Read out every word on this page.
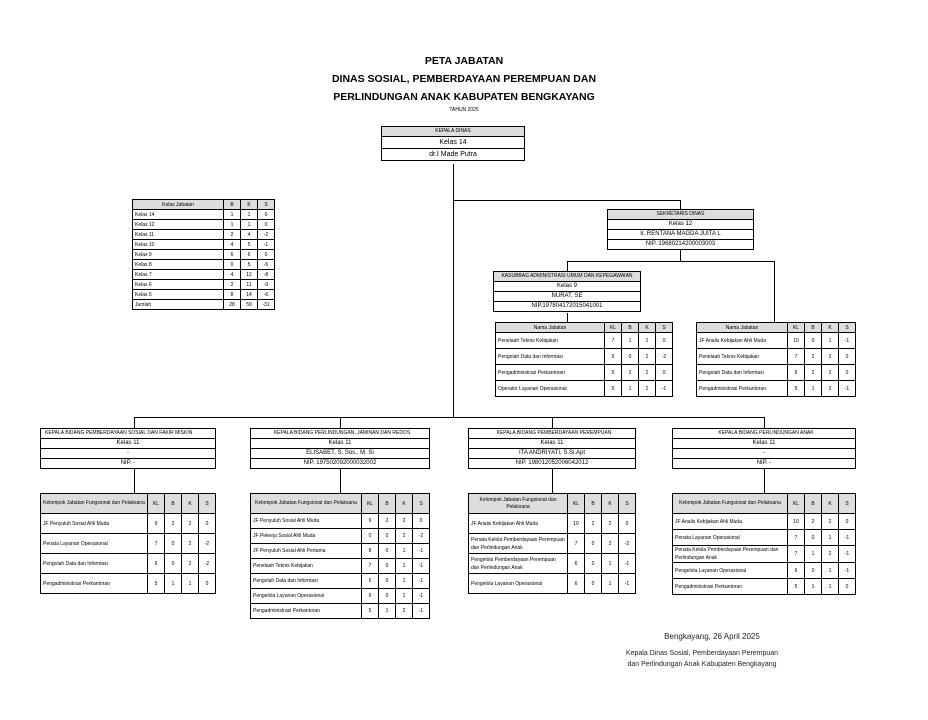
PETA JABATAN
DINAS SOSIAL, PEMBERDAYAAN PEREMPUAN DAN
PERLINDUNGAN ANAK KABUPATEN BENGKAYANG
TAHUN 2025
KEPALA DINAS
Kelas 14
dr.I Made Putra
SEKRETARIS DINAS
Kelas 12
Ir. RENTANA MAGDA JUITA L
NIP. 19680214200003003
KASUBBAG ADMINISTRASI UMUM DAN KEPEGAWAIAN
Kelas 9
NURAT, SE
NIP.197804172015041001
Kelas Jabatan	B	K	S
Kelas 14	1	1	0
Kelas 12	1	1	0
Kelas 11	2	4	-2
Kelas 10	4	5	-1
Kelas 9	6	6	0
Kelas 8	0	5	-5
Kelas 7	4	12	-8
Kelas 6	2	11	-9
Kelas 5	8	14	-6
Jumlah	28	59	-31
Nama Jabatan	KL	B	K	S
Penelaah Teknis Kebijakan	7	1	1	0
Pengolah Data dan Informasi	6	0	2	-2
Pengadministrasi Perkantoran	5	2	2	0
Operator Layanan Operasional	5	1	2	-1
Nama Jabatan	KL	B	K	S
JF Analis Kebijakan Ahli Muda	10	0	1	-1
Penelaah Teknis Kebijakan	7	2	2	0
Pengolah Data dan Informasi	6	2	2	0
Pengadministrasi Perkantoran	5	1	2	-1
KEPALA BIDANG PEMBERDAYAAN SOSIAL DAN FAKIR MISKIN
Kelas 11
-
NIP. -
Kelompok Jabatan Fungsional dan Pelaksana	KL	B	K	S
JF Penyuluh Sosial Ahli Muda	9	2	2	0
Penata Layanan Operasional	7	0	2	-2
Pengolah Data dan Informasi	6	0	2	-2
Pengadministrasi Perkantoran	5	1	1	0
KEPALA BIDANG PERLINDUNGAN, JAMINAN DAN REDOS
Kelas 11
ELISABET, S. Sos., M. Si
NIP. 197502092000032002
Kelompok Jabatan Fungsional dan Pelaksana	KL	B	K	S
JF Penyuluh Sosial Ahli Muda	9	2	2	0
JF Pekerja Sosial Ahli Muda	0	0	2	-2
JF Penyuluh Sosial Ahli Pertama	8	0	1	-1
Penelaah Teknis Kebijakan	7	0	1	-1
Pengolah Data dan Informasi	6	0	1	-1
Pengelola Layanan Operasional	6	0	1	-1
Pengadministrasi Perkantoran	5	1	2	-1
KEPALA BIDANG PEMBERDAYAAN PEREMPUAN
Kelas 11
ITA ANDRIYATI, S.Si.Apt
NIP. 198012052006042012
Kelompok Jabatan Fungsional dan Pelaksana	KL	B	K	S
JF Analis Kebijakan Ahli Muda	10	2	2	0
Penata Kelola Pemberdayaan Perempuan dan Perlindungan Anak	7	0	2	-2
Pengelola Pemberdayaan Perempuan dan Perlindungan Anak	6	0	1	-1
Pengelola Layanan Operasional	6	0	1	-1
KEPALA BIDANG PERLINDUNGAN ANAK
Kelas 11
-
NIP. -
Kelompok Jabatan Fungsional dan Pelaksana	KL	B	K	S
JF Analis Kebijakan Ahli Muda	10	2	2	0
Penata Layanan Operasional	7	0	1	-1
Penata Kelola Pemberdayaan Perempuan dan Perlindungan Anak	7	1	2	-1
Pengelola Layanan Operasional	6	0	1	-1
Pengadministrasi Perkantoran	5	1	1	0
Bengkayang, 26 April 2025
Kepala Dinas Sosial, Pemberdayaan Perempuan
dan Perlindungan Anak Kabupaten Bengkayang
